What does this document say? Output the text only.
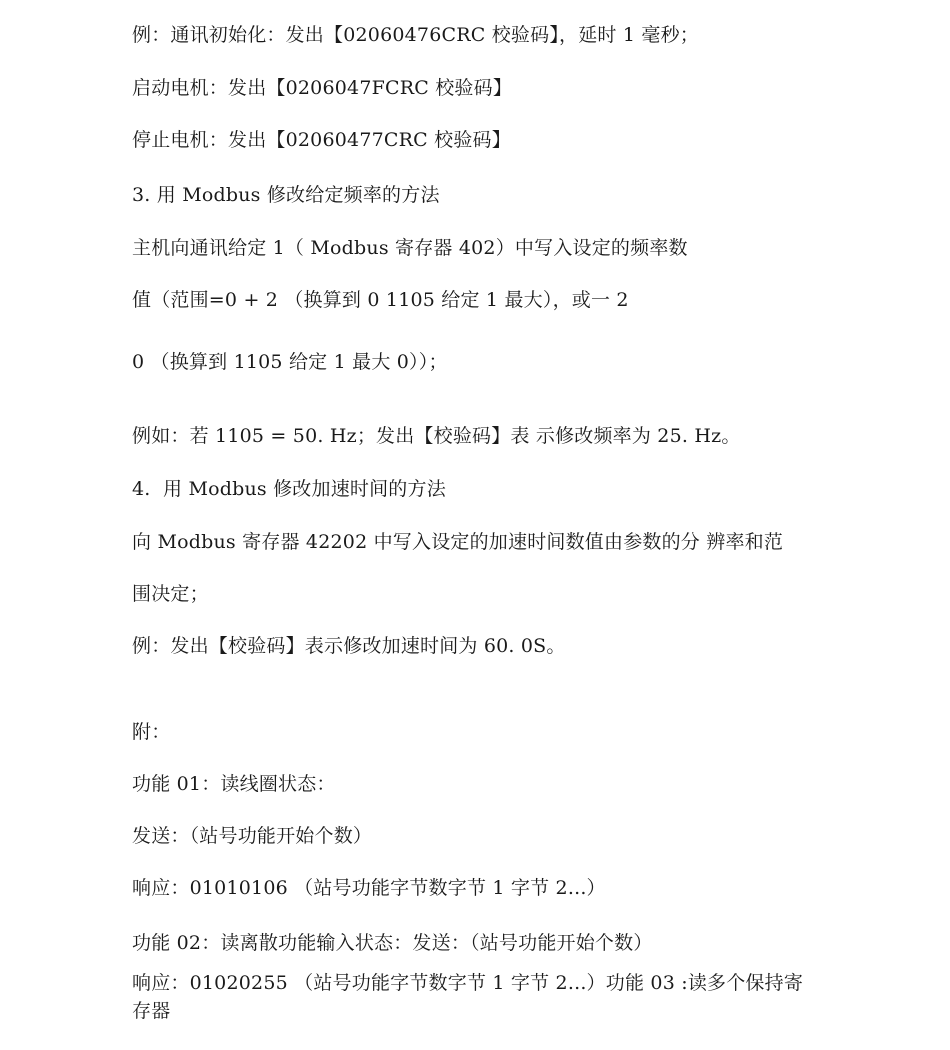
例：通讯初始化：发出【02060476CRC 校验码】，延时 1 毫秒；

启动电机：发出【0206047FCRC 校验码】

停止电机：发出【02060477CRC 校验码】

3. 用 Modbus 修改给定频率的方法

主机向通讯给定 1（ Modbus 寄存器 402）中写入设定的频率数

值（范围=0 + 2 （换算到 0 1105 给定 1 最大），或一 2

0 （换算到 1105 给定 1 最大 0））；

例如：若 1105 = 50. Hz；发出【校验码】表 示修改频率为 25. Hz。

4.  用 Modbus 修改加速时间的方法

向 Modbus 寄存器 42202 中写入设定的加速时间数值由参数的分 辨率和范

围决定；

例：发出【校验码】表示修改加速时间为 60. 0S。

附：

功能 01：读线圈状态：

发送：（站号功能开始个数）

响应：01010106 （站号功能字节数字节 1 字节 2...）

功能 02：读离散功能输入状态：发送：（站号功能开始个数）

响应：01020255 （站号功能字节数字节 1 字节 2...）功能 03 :读多个保持寄存器
